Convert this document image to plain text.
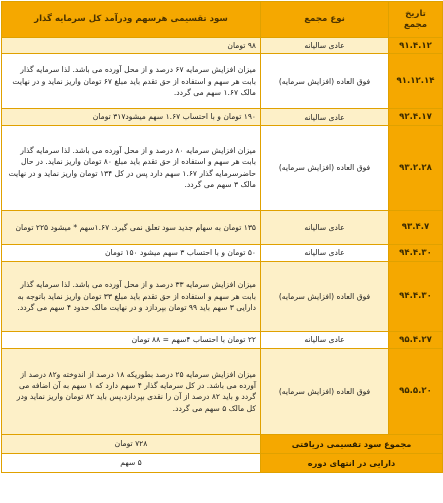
تاریخ مجمع	نوع مجمع	سود تقسیمی هرسهم ودرآمد کل سرمایه گذار
۹۱.۴.۱۲	عادی سالیانه	۹۸ تومان
۹۱.۱۲.۱۴	فوق العاده (افزایش سرمایه)	میزان افزایش سرمایه ۶۷ درصد و از محل آورده می باشد. لذا سرمایه گذار بابت هر سهم و استفاده از حق تقدم باید مبلغ ۶۷ تومان واریز نماید و در نهایت مالک ۱.۶۷ سهم می گردد.
۹۲.۴.۱۷	عادی سالیانه	۱۹۰ تومان و با احتساب ۱.۶۷ سهم میشود۳۱۷ تومان
۹۳.۲.۲۸	فوق العاده (افزایش سرمایه)	میزان افزایش سرمایه ۸۰ درصد و از محل آورده می باشد. لذا سرمایه گذار بابت هر سهم و استفاده از حق تقدم باید مبلغ ۸۰ تومان واریز نماید. در حال حاضرسرمایه گذار ۱.۶۷ سهم دارد پس در کل ۱۳۴ تومان واریز نماید و در نهایت مالک ۳ سهم می گردد.
۹۳.۴.۷	عادی سالیانه	۱۳۵ تومان به سهام جدید سود تعلق نمی گیرد. ۱.۶۷سهم * میشود ۲۲۵ تومان
۹۴.۴.۳۰	عادی سالیانه	۵۰ تومان و با احتساب ۳ سهم میشود ۱۵۰ تومان
۹۴.۴.۳۰	فوق العاده (افزایش سرمایه)	میزان افزایش سرمایه ۳۳ درصد و از محل آورده می باشد. لذا سرمایه گذار بابت هر سهم و استفاده از حق تقدم باید مبلغ ۳۳ تومان واریز نماید باتوجه به دارایی ۳ سهم باید ۹۹ تومان بپردازد و در نهایت مالک حدود ۴ سهم می گردد.
۹۵.۴.۲۷	عادی سالیانه	۲۲ تومان با احتساب ۴سهم = ۸۸ تومان
۹۵.۵.۲۰	فوق العاده (افزایش سرمایه)	میزان افزایش سرمایه ۲۵ درصد بطوریکه ۱۸ درصد از اندوخته و۸۲ درصد از آورده می باشد. در کل سرمایه گذار ۴ سهم دارد که ۱ سهم به آن اضافه می گردد و باید ۸۲ درصد از آن را نقدی بپردازد،پس باید ۸۲ تومان واریز نماید ودر کل مالک ۵ سهم می گردد.
مجموع سود تقسیمی دریافتی		۷۲۸ تومان
دارایی در انتهای دوره		۵ سهم
